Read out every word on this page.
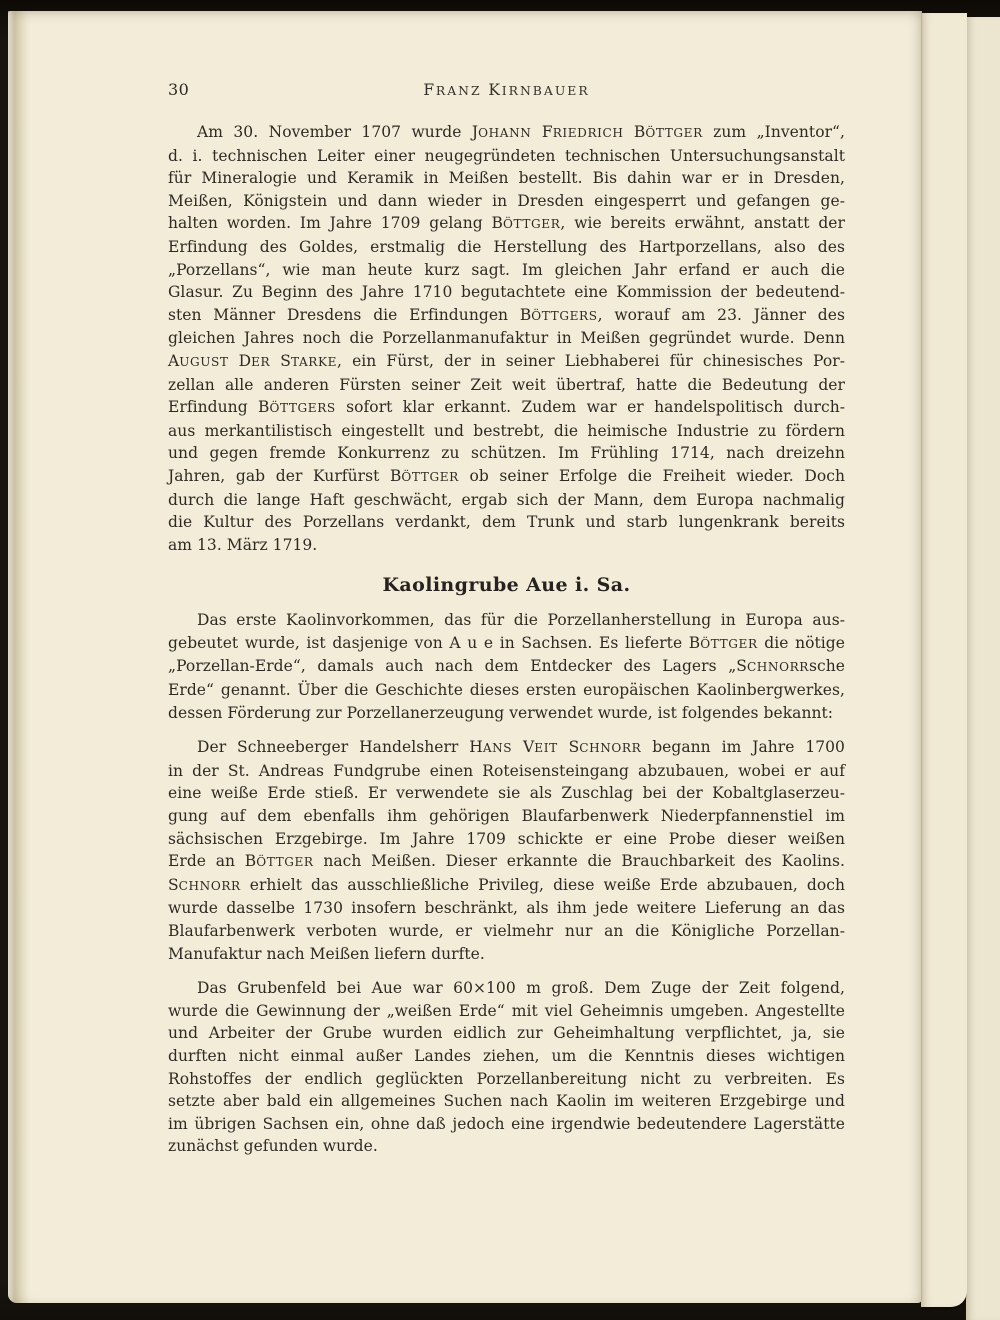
30	FRANZ KIRNBAUER
Am 30. November 1707 wurde JOHANN FRIEDRICH BÖTTGER zum „Inventor“,
d. i. technischen Leiter einer neugegründeten technischen Untersuchungsanstalt
für Mineralogie und Keramik in Meißen bestellt. Bis dahin war er in Dresden,
Meißen, Königstein und dann wieder in Dresden eingesperrt und gefangen ge-
halten worden. Im Jahre 1709 gelang BÖTTGER, wie bereits erwähnt, anstatt der
Erfindung des Goldes, erstmalig die Herstellung des Hartporzellans, also des
„Porzellans“, wie man heute kurz sagt. Im gleichen Jahr erfand er auch die
Glasur. Zu Beginn des Jahre 1710 begutachtete eine Kommission der bedeutend-
sten Männer Dresdens die Erfindungen BÖTTGERS, worauf am 23. Jänner des
gleichen Jahres noch die Porzellanmanufaktur in Meißen gegründet wurde. Denn
AUGUST DER STARKE, ein Fürst, der in seiner Liebhaberei für chinesisches Por-
zellan alle anderen Fürsten seiner Zeit weit übertraf, hatte die Bedeutung der
Erfindung BÖTTGERS sofort klar erkannt. Zudem war er handelspolitisch durch-
aus merkantilistisch eingestellt und bestrebt, die heimische Industrie zu fördern
und gegen fremde Konkurrenz zu schützen. Im Frühling 1714, nach dreizehn
Jahren, gab der Kurfürst BÖTTGER ob seiner Erfolge die Freiheit wieder. Doch
durch die lange Haft geschwächt, ergab sich der Mann, dem Europa nachmalig
die Kultur des Porzellans verdankt, dem Trunk und starb lungenkrank bereits
am 13. März 1719.
Kaolingrube Aue i. Sa.
Das erste Kaolinvorkommen, das für die Porzellanherstellung in Europa aus-
gebeutet wurde, ist dasjenige von A u e in Sachsen. Es lieferte BÖTTGER die nötige
„Porzellan-Erde“, damals auch nach dem Entdecker des Lagers „SCHNORRsche
Erde“ genannt. Über die Geschichte dieses ersten europäischen Kaolinbergwerkes,
dessen Förderung zur Porzellanerzeugung verwendet wurde, ist folgendes bekannt:
Der Schneeberger Handelsherr HANS VEIT SCHNORR begann im Jahre 1700
in der St. Andreas Fundgrube einen Roteisensteingang abzubauen, wobei er auf
eine weiße Erde stieß. Er verwendete sie als Zuschlag bei der Kobaltglaserzeu-
gung auf dem ebenfalls ihm gehörigen Blaufarbenwerk Niederpfannenstiel im
sächsischen Erzgebirge. Im Jahre 1709 schickte er eine Probe dieser weißen
Erde an BÖTTGER nach Meißen. Dieser erkannte die Brauchbarkeit des Kaolins.
SCHNORR erhielt das ausschließliche Privileg, diese weiße Erde abzubauen, doch
wurde dasselbe 1730 insofern beschränkt, als ihm jede weitere Lieferung an das
Blaufarbenwerk verboten wurde, er vielmehr nur an die Königliche Porzellan-
Manufaktur nach Meißen liefern durfte.
Das Grubenfeld bei Aue war 60×100 m groß. Dem Zuge der Zeit folgend,
wurde die Gewinnung der „weißen Erde“ mit viel Geheimnis umgeben. Angestellte
und Arbeiter der Grube wurden eidlich zur Geheimhaltung verpflichtet, ja, sie
durften nicht einmal außer Landes ziehen, um die Kenntnis dieses wichtigen
Rohstoffes der endlich geglückten Porzellanbereitung nicht zu verbreiten. Es
setzte aber bald ein allgemeines Suchen nach Kaolin im weiteren Erzgebirge und
im übrigen Sachsen ein, ohne daß jedoch eine irgendwie bedeutendere Lagerstätte
zunächst gefunden wurde.
